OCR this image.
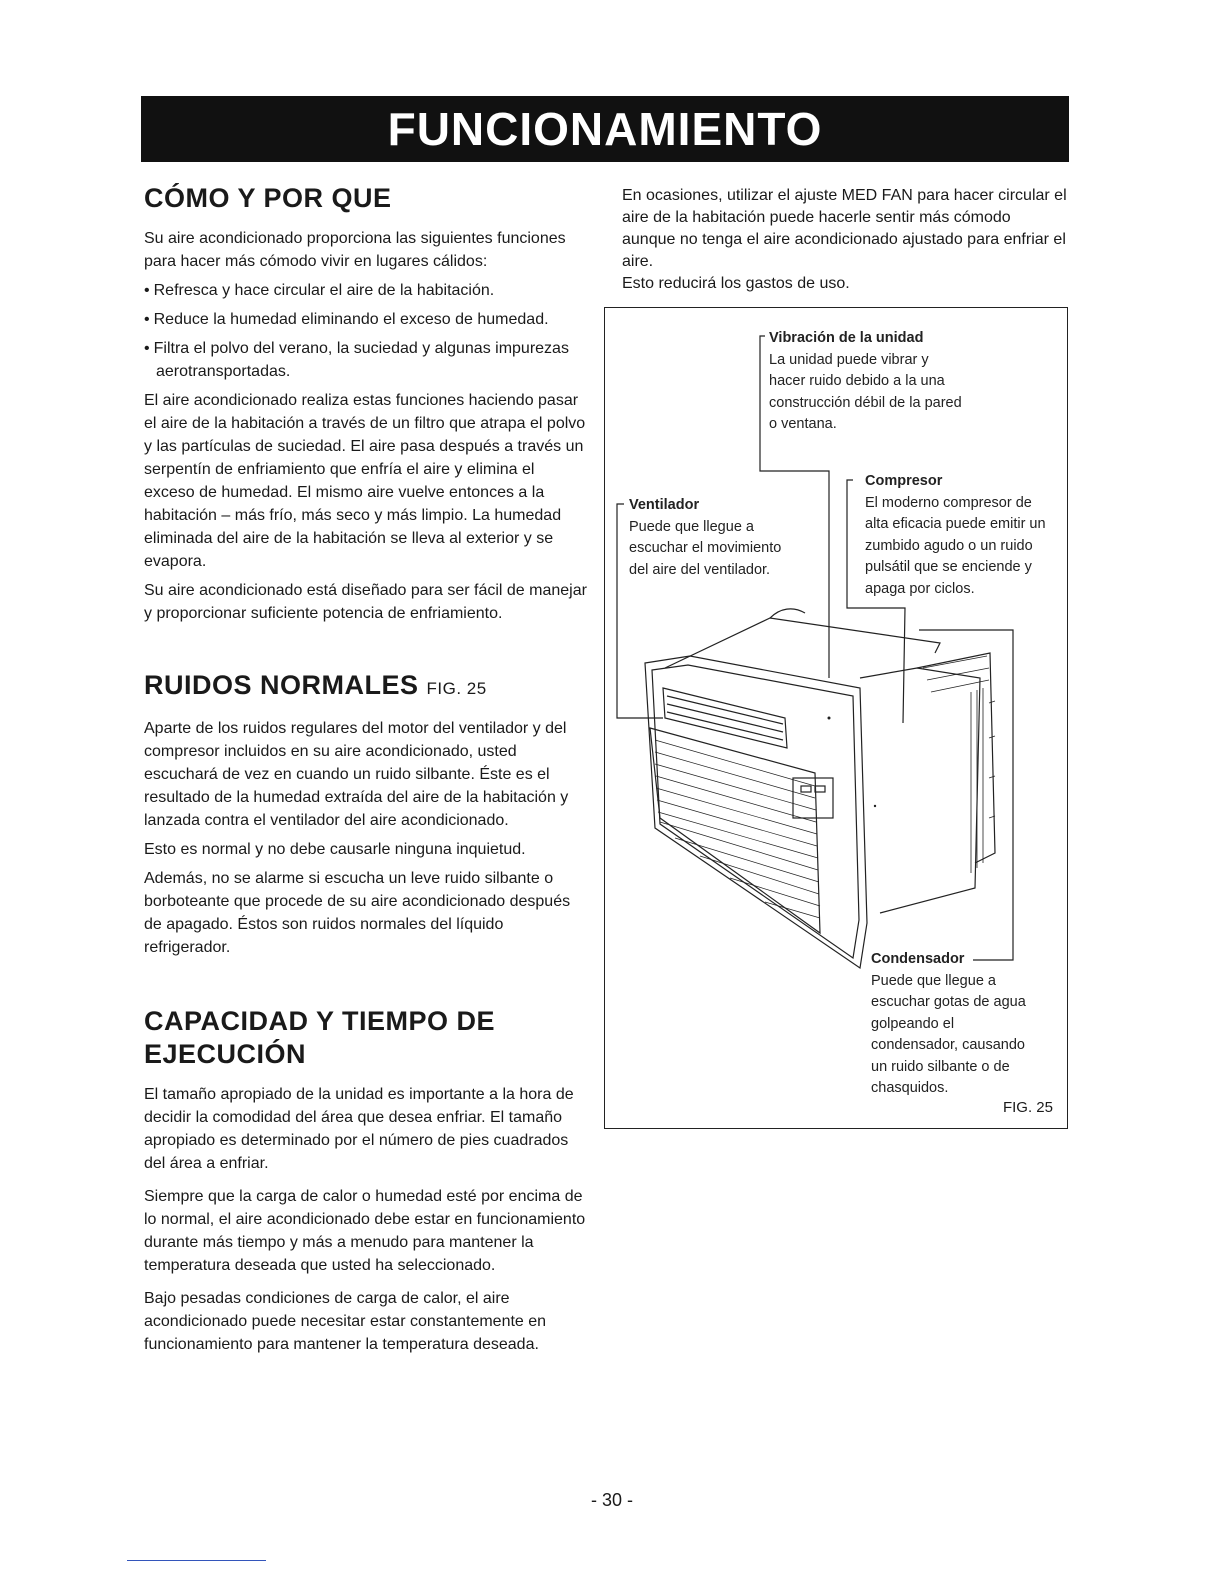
FUNCIONAMIENTO
CÓMO Y POR QUE

Su aire acondicionado proporciona las siguientes funciones para hacer más cómodo vivir en lugares cálidos:

• Refresca y hace circular el aire de la habitación.
• Reduce la humedad eliminando el exceso de humedad.
• Filtra el polvo del verano, la suciedad y algunas impurezas aerotransportadas.

El aire acondicionado realiza estas funciones haciendo pasar el aire de la habitación a través de un filtro que atrapa el polvo y las partículas de suciedad. El aire pasa después a través un serpentín de enfriamiento que enfría el aire y elimina el exceso de humedad. El mismo aire vuelve entonces a la habitación – más frío, más seco y más limpio. La humedad eliminada del aire de la habitación se lleva al exterior y se evapora.

Su aire acondicionado está diseñado para ser fácil de manejar y proporcionar suficiente potencia de enfriamiento.

RUIDOS NORMALES FIG. 25

Aparte de los ruidos regulares del motor del ventilador y del compresor incluidos en su aire acondicionado, usted escuchará de vez en cuando un ruido silbante. Éste es el resultado de la humedad extraída del aire de la habitación y lanzada contra el ventilador del aire acondicionado.

Esto es normal y no debe causarle ninguna inquietud.

Además, no se alarme si escucha un leve ruido silbante o borboteante que procede de su aire acondicionado después de apagado. Éstos son ruidos normales del líquido refrigerador.

CAPACIDAD Y TIEMPO DE EJECUCIÓN

El tamaño apropiado de la unidad es importante a la hora de decidir la comodidad del área que desea enfriar. El tamaño apropiado es determinado por el número de pies cuadrados del área a enfriar.

Siempre que la carga de calor o humedad esté por encima de lo normal, el aire acondicionado debe estar en funcionamiento durante más tiempo y más a menudo para mantener la temperatura deseada que usted ha seleccionado.

Bajo pesadas condiciones de carga de calor, el aire acondicionado puede necesitar estar constantemente en funcionamiento para mantener la temperatura deseada.

En ocasiones, utilizar el ajuste MED FAN para hacer circular el aire de la habitación puede hacerle sentir más cómodo aunque no tenga el aire acondicionado ajustado para enfriar el aire.

Esto reducirá los gastos de uso.

Vibración de la unidad
La unidad puede vibrar y
hacer ruido debido a la una
construcción débil de la pared
o ventana.
Compresor
El moderno compresor de
alta eficacia puede emitir un
zumbido agudo o un ruido
pulsátil que se enciende y
apaga por ciclos.
Ventilador
Puede que llegue a
escuchar el movimiento
del aire del ventilador.
Condensador
Puede que llegue a
escuchar gotas de agua
golpeando el
condensador, causando
un ruido silbante o de
chasquidos.
FIG. 25
- 30 -
